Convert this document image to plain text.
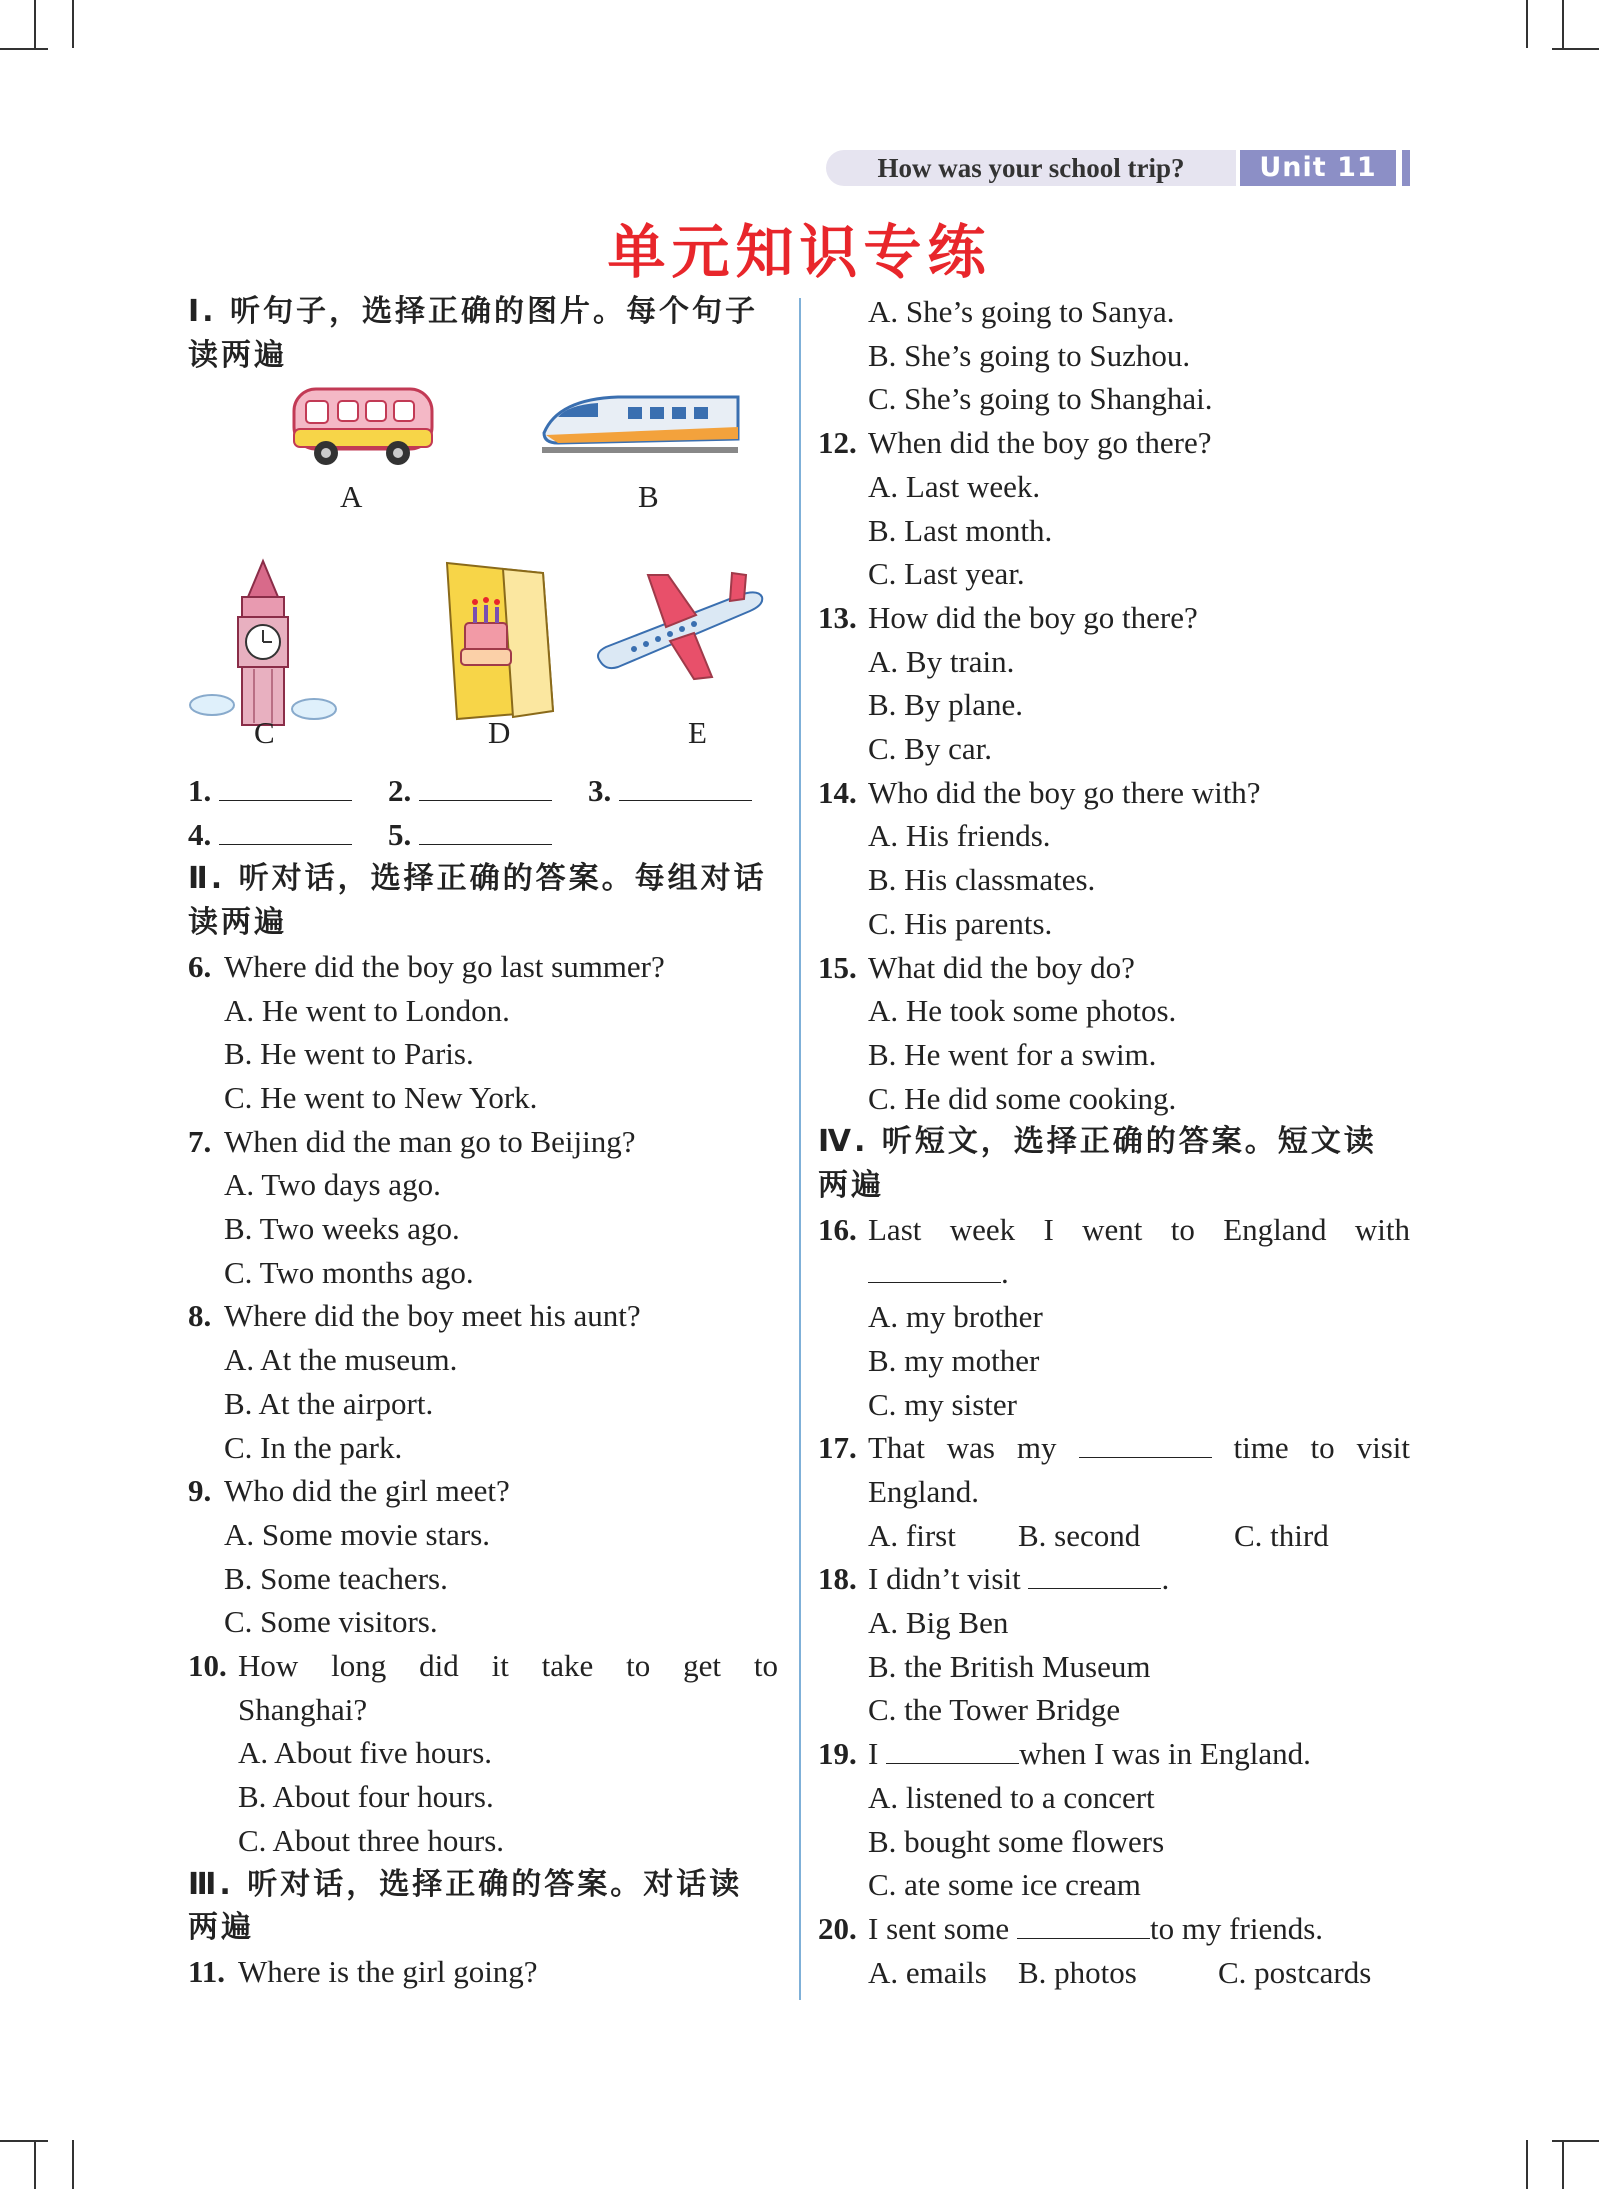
How was your school trip?	Unit 11
单元知识专练
Ⅰ. 听句子，选择正确的图片。每个句子
读两遍
A	B
C	D	E
1.	2.	3.
4.	5.
Ⅱ. 听对话，选择正确的答案。每组对话
读两遍
6. Where did the boy go last summer?
A. He went to London.
B. He went to Paris.
C. He went to New York.
7. When did the man go to Beijing?
A. Two days ago.
B. Two weeks ago.
C. Two months ago.
8. Where did the boy meet his aunt?
A. At the museum.
B. At the airport.
C. In the park.
9. Who did the girl meet?
A. Some movie stars.
B. Some teachers.
C. Some visitors.
10. How long did it take to get to
Shanghai?
A. About five hours.
B. About four hours.
C. About three hours.
Ⅲ. 听对话，选择正确的答案。对话读
两遍
11. Where is the girl going?
A. She’s going to Sanya.
B. She’s going to Suzhou.
C. She’s going to Shanghai.
12. When did the boy go there?
A. Last week.
B. Last month.
C. Last year.
13. How did the boy go there?
A. By train.
B. By plane.
C. By car.
14. Who did the boy go there with?
A. His friends.
B. His classmates.
C. His parents.
15. What did the boy do?
A. He took some photos.
B. He went for a swim.
C. He did some cooking.
Ⅳ. 听短文，选择正确的答案。短文读
两遍
16. Last week I went to England with
.
A. my brother
B. my mother
C. my sister
17. That was my	time to visit
England.
A. first B. second	C. third
18. I didn’t visit	.
A. Big Ben
B. the British Museum
C. the Tower Bridge
19. I	when I was in England.
A. listened to a concert
B. bought some flowers
C. ate some ice cream
20. I sent some	to my friends.
A. emails B. photos	C. postcards
